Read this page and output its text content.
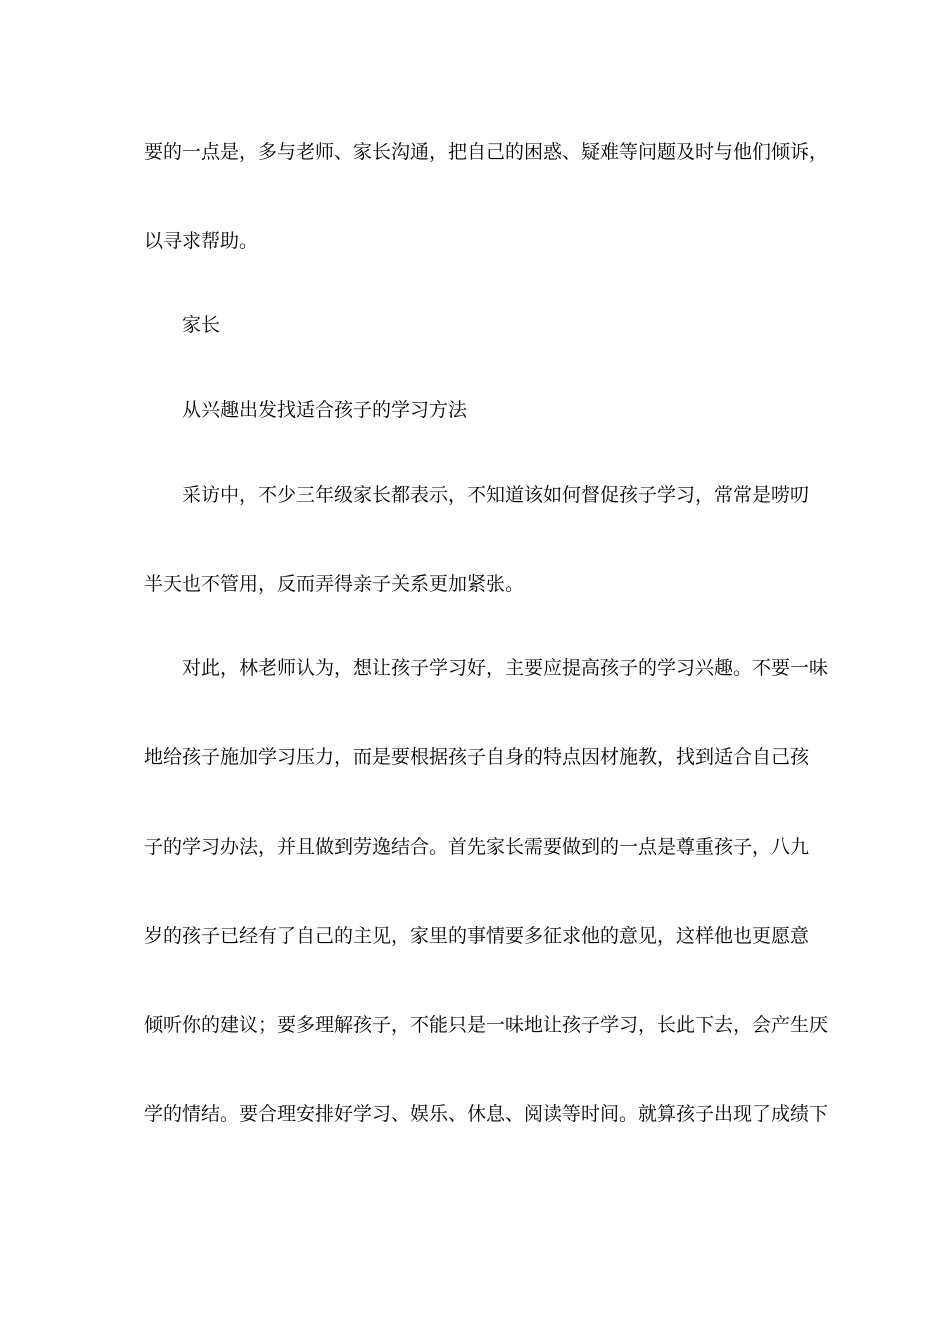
要的一点是，多与老师、家长沟通，把自己的困惑、疑难等问题及时与他们倾诉，
以寻求帮助。
家长
从兴趣出发找适合孩子的学习方法
采访中，不少三年级家长都表示，不知道该如何督促孩子学习，常常是唠叨
半天也不管用，反而弄得亲子关系更加紧张。
对此，林老师认为，想让孩子学习好，主要应提高孩子的学习兴趣。不要一味
地给孩子施加学习压力，而是要根据孩子自身的特点因材施教，找到适合自己孩
子的学习办法，并且做到劳逸结合。首先家长需要做到的一点是尊重孩子，八九
岁的孩子已经有了自己的主见，家里的事情要多征求他的意见，这样他也更愿意
倾听你的建议；要多理解孩子，不能只是一味地让孩子学习，长此下去，会产生厌
学的情结。要合理安排好学习、娱乐、休息、阅读等时间。就算孩子出现了成绩下
